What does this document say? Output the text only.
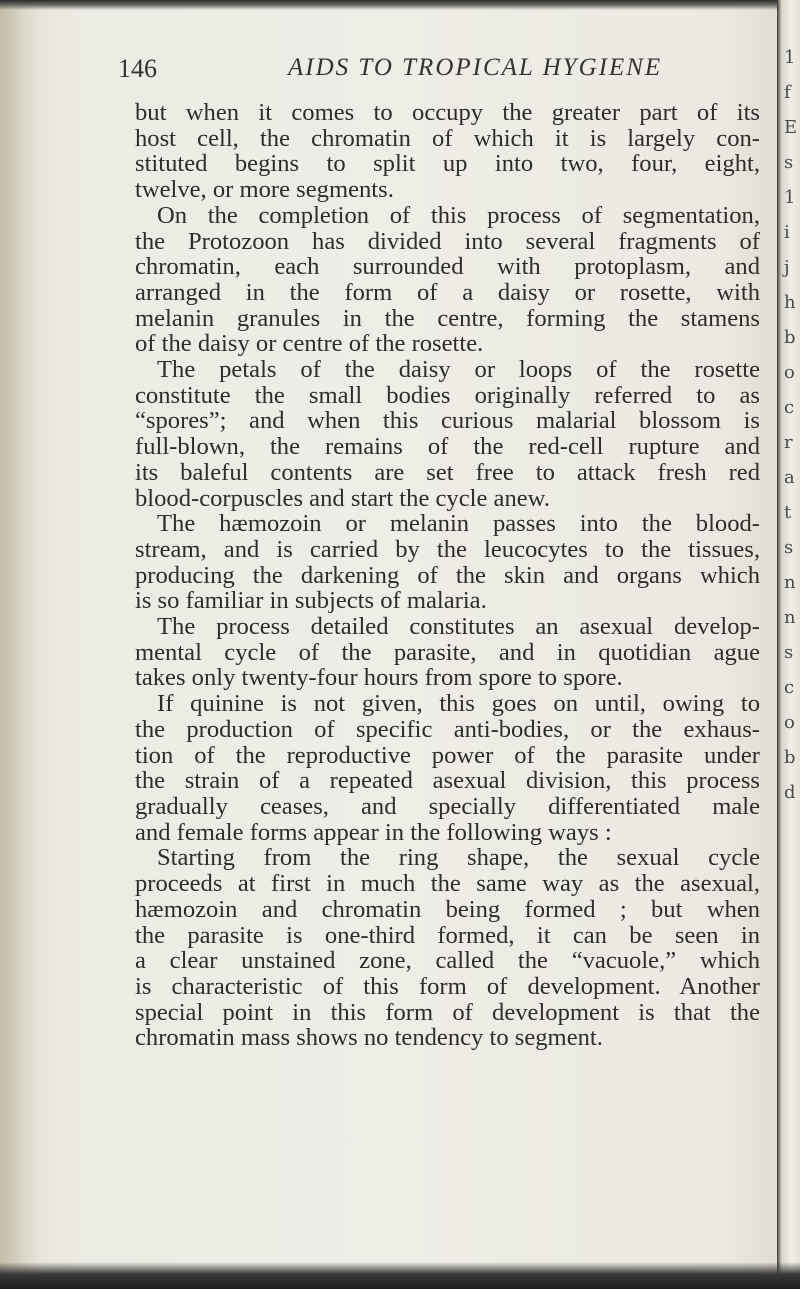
146	AIDS TO TROPICAL HYGIENE
but when it comes to occupy the greater part of its
host cell, the chromatin of which it is largely con-
stituted begins to split up into two, four, eight,
twelve, or more segments.
On the completion of this process of segmentation,
the Protozoon has divided into several fragments of
chromatin, each surrounded with protoplasm, and
arranged in the form of a daisy or rosette, with
melanin granules in the centre, forming the stamens
of the daisy or centre of the rosette.
The petals of the daisy or loops of the rosette
constitute the small bodies originally referred to as
“spores”; and when this curious malarial blossom is
full-blown, the remains of the red-cell rupture and
its baleful contents are set free to attack fresh red
blood-corpuscles and start the cycle anew.
The hæmozoin or melanin passes into the blood-
stream, and is carried by the leucocytes to the tissues,
producing the darkening of the skin and organs which
is so familiar in subjects of malaria.
The process detailed constitutes an asexual develop-
mental cycle of the parasite, and in quotidian ague
takes only twenty-four hours from spore to spore.
If quinine is not given, this goes on until, owing to
the production of specific anti-bodies, or the exhaus-
tion of the reproductive power of the parasite under
the strain of a repeated asexual division, this process
gradually ceases, and specially differentiated male
and female forms appear in the following ways :
Starting from the ring shape, the sexual cycle
proceeds at first in much the same way as the asexual,
hæmozoin and chromatin being formed ; but when
the parasite is one-third formed, it can be seen in
a clear unstained zone, called the “vacuole,” which
is characteristic of this form of development. Another
special point in this form of development is that the
chromatin mass shows no tendency to segment.
1
f
E
s
1
i
j
h
b
o
c
r
a
t
s
n
n
s
c
o
b
d
